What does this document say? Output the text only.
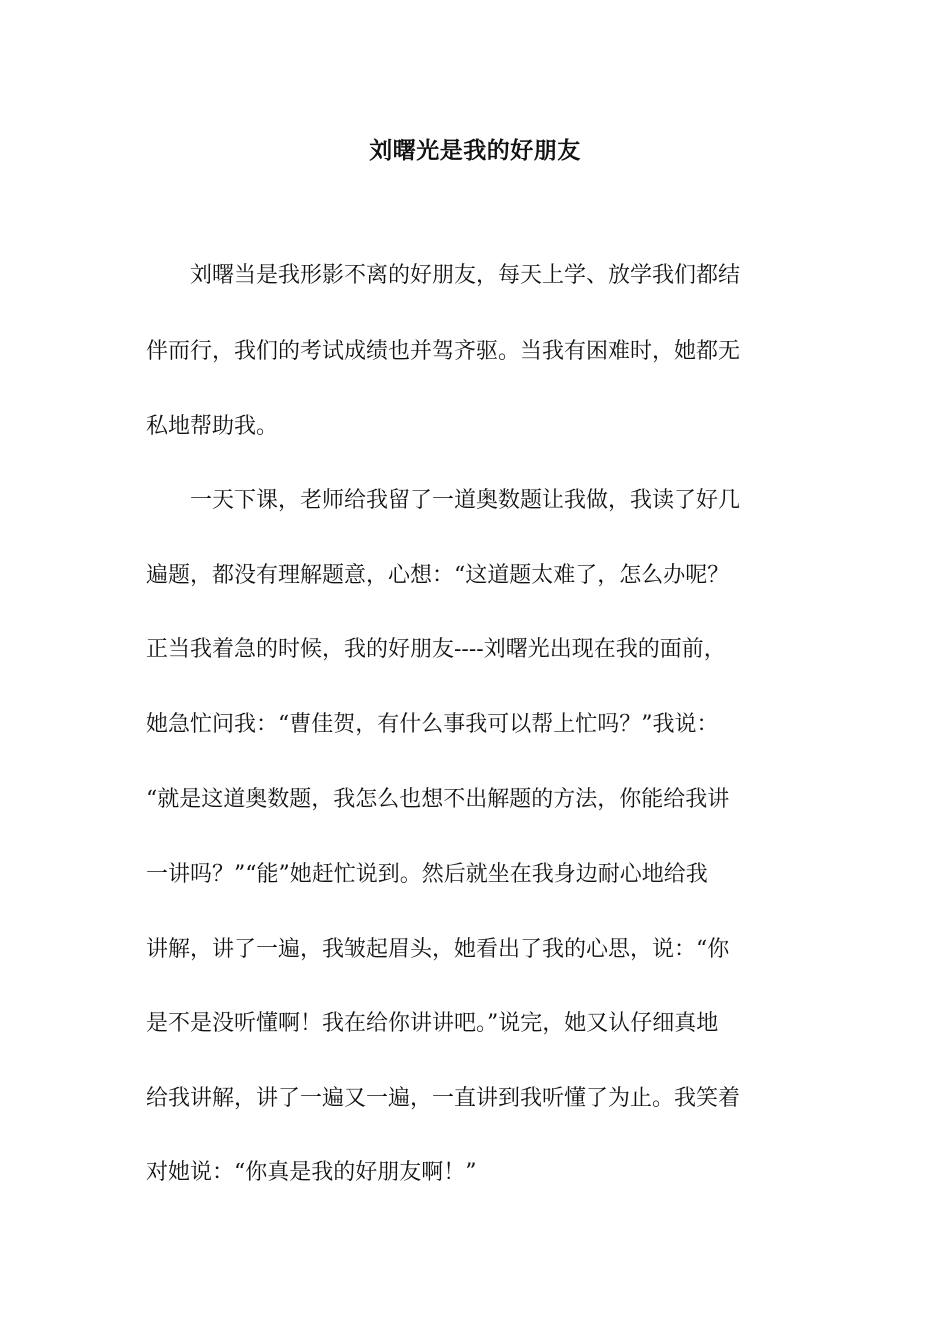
刘曙光是我的好朋友
　　刘曙当是我形影不离的好朋友，每天上学、放学我们都结
伴而行，我们的考试成绩也并驾齐驱。当我有困难时，她都无
私地帮助我。
　　一天下课，老师给我留了一道奥数题让我做，我读了好几
遍题，都没有理解题意，心想：“这道题太难了，怎么办呢？
正当我着急的时候，我的好朋友----刘曙光出现在我的面前，
她急忙问我：“曹佳贺，有什么事我可以帮上忙吗？”我说：
“就是这道奥数题，我怎么也想不出解题的方法，你能给我讲
一讲吗？”“能”她赶忙说到。然后就坐在我身边耐心地给我
讲解，讲了一遍，我皱起眉头，她看出了我的心思，说：“你
是不是没听懂啊！我在给你讲讲吧。”说完，她又认仔细真地
给我讲解，讲了一遍又一遍，一直讲到我听懂了为止。我笑着
对她说：“你真是我的好朋友啊！”
